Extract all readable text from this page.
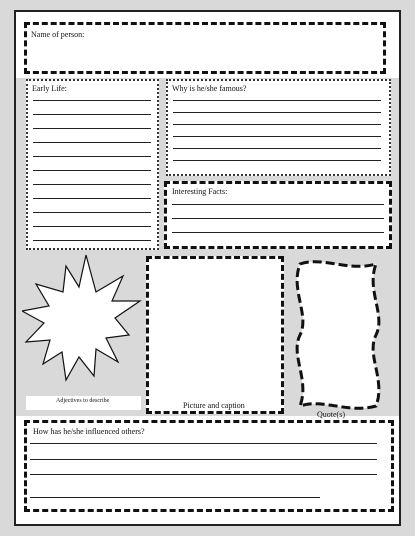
Name of person:
Early Life:	Why is he/she famous?
Interesting Facts:
Adjectives to describe	Picture and caption
Quote(s)
How has he/she influenced others?
